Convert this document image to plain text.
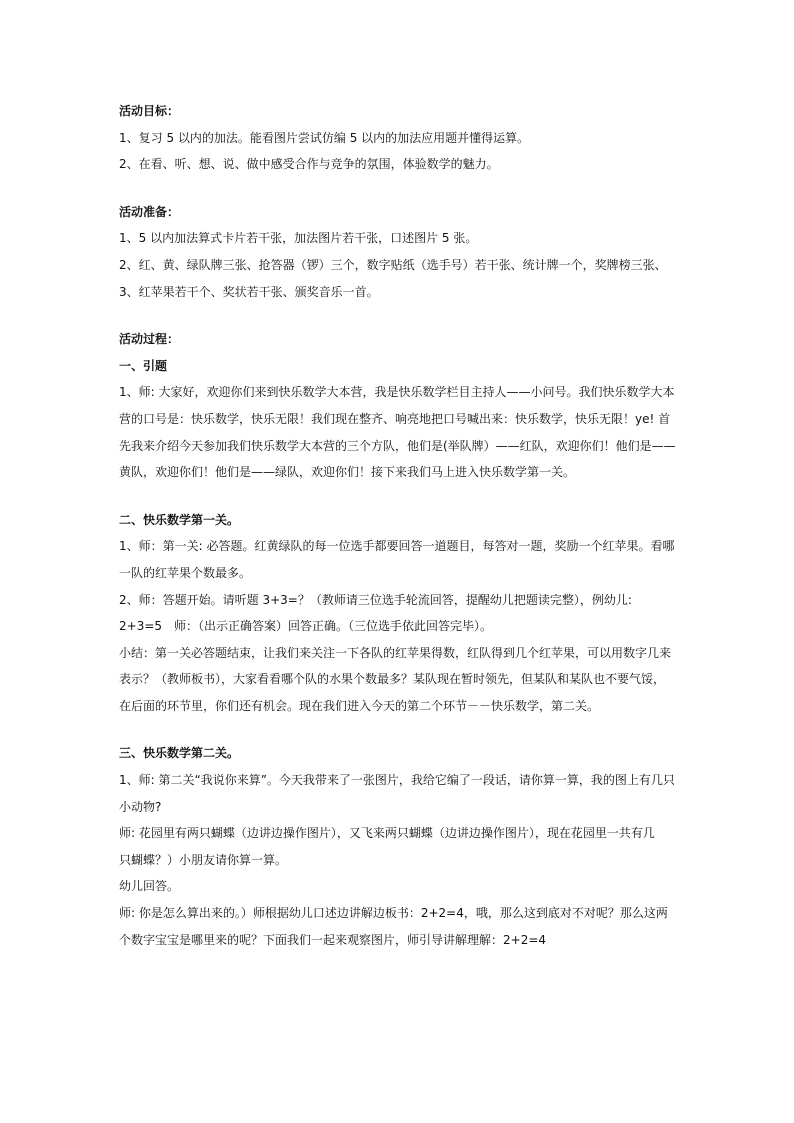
活动目标：

1、复习 5 以内的加法。能看图片尝试仿编 5 以内的加法应用题并懂得运算。

2、在看、听、想、说、做中感受合作与竞争的氛围，体验数学的魅力。

活动准备：

1、5 以内加法算式卡片若干张，加法图片若干张，口述图片 5 张。

2、红、黄、绿队牌三张、抢答器（锣）三个，数字贴纸（选手号）若干张、统计牌一个，奖牌榜三张、

3、红苹果若干个、奖状若干张、颁奖音乐一首。

活动过程：

一、引题

1、师: 大家好，欢迎你们来到快乐数学大本营，我是快乐数学栏目主持人——小问号。我们快乐数学大本

营的口号是：快乐数学，快乐无限！我们现在整齐、响亮地把口号喊出来：快乐数学，快乐无限！ye! 首

先我来介绍今天参加我们快乐数学大本营的三个方队，他们是(举队牌）——红队，欢迎你们！他们是——

黄队，欢迎你们！他们是——绿队，欢迎你们！接下来我们马上进入快乐数学第一关。

二、快乐数学第一关。

1、师：第一关: 必答题。红黄绿队的每一位选手都要回答一道题目，每答对一题，奖励一个红苹果。看哪

一队的红苹果个数最多。

2、师：答题开始。请听题 3+3=？（教师请三位选手轮流回答，提醒幼儿把题读完整），例幼儿:

2+3=5　师：（出示正确答案）回答正确。（三位选手依此回答完毕）。

小结：第一关必答题结束，让我们来关注一下各队的红苹果得数，红队得到几个红苹果，可以用数字几来

表示？（教师板书），大家看看哪个队的水果个数最多？某队现在暂时领先，但某队和某队也不要气馁，

在后面的环节里，你们还有机会。现在我们进入今天的第二个环节－－快乐数学，第二关。

三、快乐数学第二关。

1、师: 第二关“我说你来算”。今天我带来了一张图片，我给它编了一段话，请你算一算，我的图上有几只

小动物?

师: 花园里有两只蝴蝶（边讲边操作图片），又飞来两只蝴蝶（边讲边操作图片），现在花园里一共有几

只蝴蝶？）小朋友请你算一算。

幼儿回答。

师: 你是怎么算出来的。）师根据幼儿口述边讲解边板书：2+2=4，哦，那么这到底对不对呢？那么这两

个数字宝宝是哪里来的呢？下面我们一起来观察图片，师引导讲解理解：2+2=4
